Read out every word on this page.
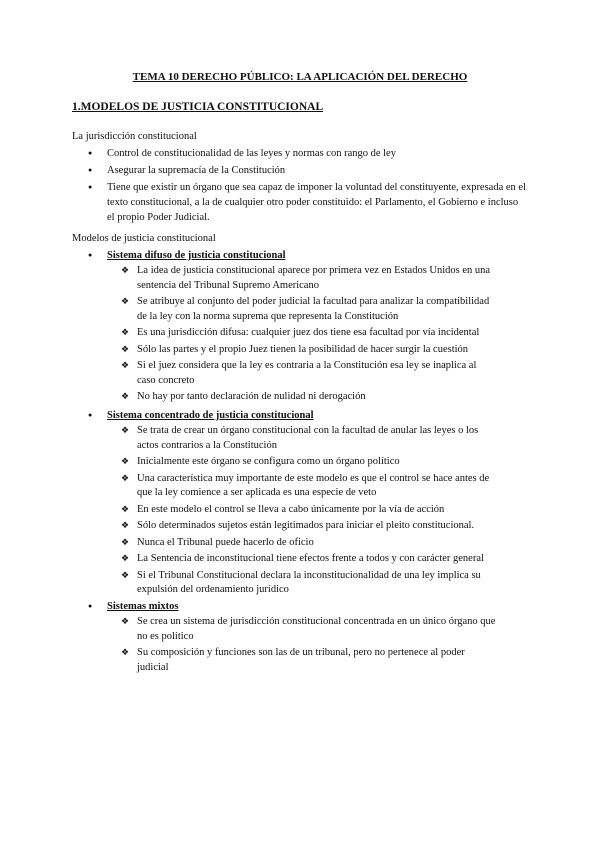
TEMA 10 DERECHO PÚBLICO: LA APLICACIÓN DEL DERECHO
1.MODELOS DE JUSTICIA CONSTITUCIONAL
La jurisdicción constitucional
● Control de constitucionalidad de las leyes y normas con rango de ley
● Asegurar la supremacía de la Constitución
● Tiene que existir un órgano que sea capaz de imponer la voluntad del constituyente, expresada en el texto constitucional, a la de cualquier otro poder constituido: el Parlamento, el Gobierno e incluso el propio Poder Judicial.
Modelos de justicia constitucional
● Sistema difuso de justicia constitucional
❖ La idea de justicia constitucional aparece por primera vez en Estados Unidos en una sentencia del Tribunal Supremo Americano
❖ Se atribuye al conjunto del poder judicial la facultad para analizar la compatibilidad de la ley con la norma suprema que representa la Constitución
❖ Es una jurisdicción difusa: cualquier juez dos tiene esa facultad por vía incidental
❖ Sólo las partes y el propio Juez tienen la posibilidad de hacer surgir la cuestión
❖ Si el juez considera que la ley es contraria a la Constitución esa ley se inaplica al caso concreto
❖ No hay por tanto declaración de nulidad ni derogación
● Sistema concentrado de justicia constitucional
❖ Se trata de crear un órgano constitucional con la facultad de anular las leyes o los actos contrarios a la Constitución
❖ Inicialmente este órgano se configura como un órgano político
❖ Una característica muy importante de este modelo es que el control se hace antes de que la ley comience a ser aplicada es una especie de veto
❖ En este modelo el control se lleva a cabo únicamente por la vía de acción
❖ Sólo determinados sujetos están legitimados para iniciar el pleito constitucional.
❖ Nunca el Tribunal puede hacerlo de oficio
❖ La Sentencia de inconstitucional tiene efectos frente a todos y con carácter general
❖ Si el Tribunal Constitucional declara la inconstitucionalidad de una ley implica su expulsión del ordenamiento jurídico
● Sistemas mixtos
❖ Se crea un sistema de jurisdicción constitucional concentrada en un único órgano que no es político
❖ Su composición y funciones son las de un tribunal, pero no pertenece al poder judicial
